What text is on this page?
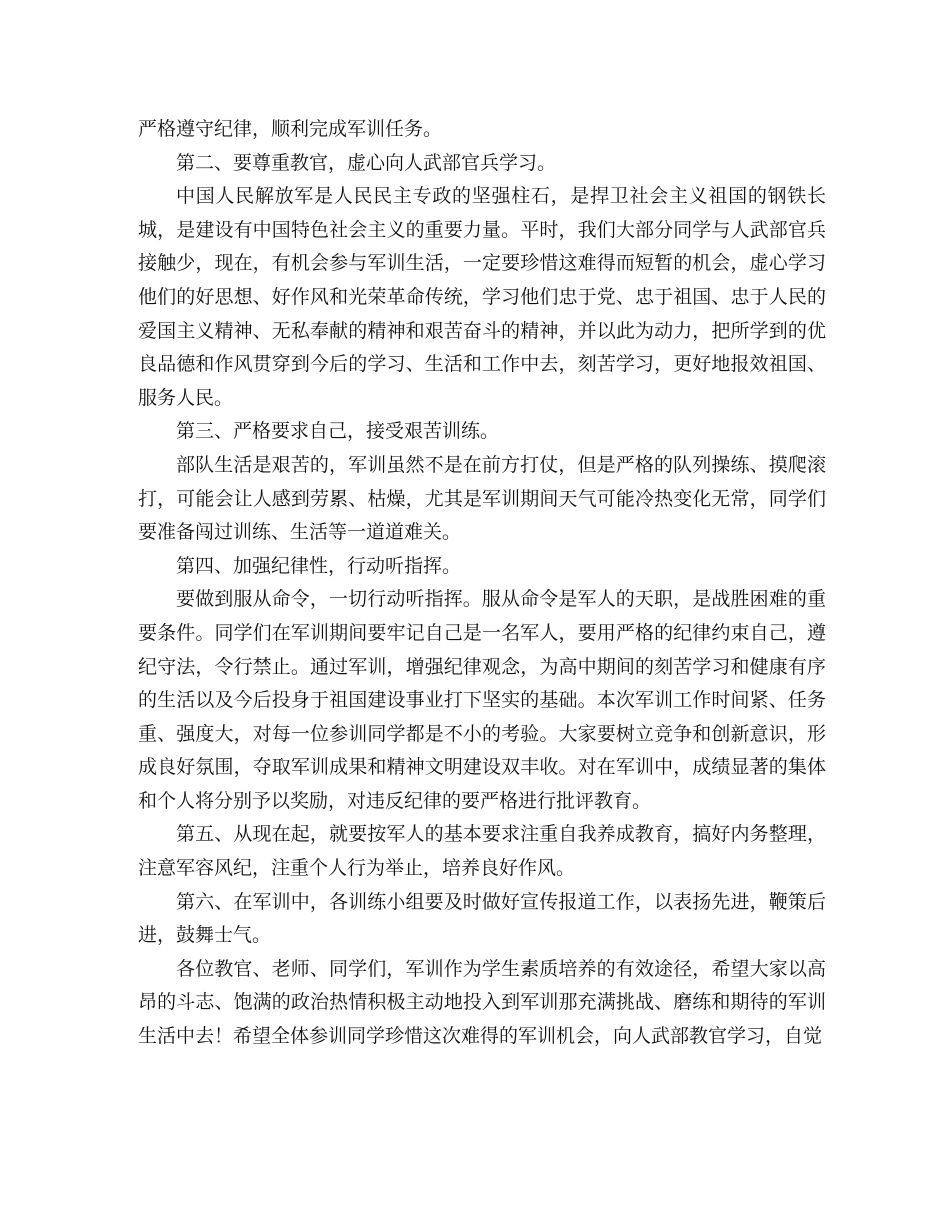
严格遵守纪律，顺利完成军训任务。

第二、要尊重教官，虚心向人武部官兵学习。

中国人民解放军是人民民主专政的坚强柱石，是捍卫社会主义祖国的钢铁长城，是建设有中国特色社会主义的重要力量。平时，我们大部分同学与人武部官兵接触少，现在，有机会参与军训生活，一定要珍惜这难得而短暂的机会，虚心学习他们的好思想、好作风和光荣革命传统，学习他们忠于党、忠于祖国、忠于人民的爱国主义精神、无私奉献的精神和艰苦奋斗的精神，并以此为动力，把所学到的优良品德和作风贯穿到今后的学习、生活和工作中去，刻苦学习，更好地报效祖国、服务人民。

第三、严格要求自己，接受艰苦训练。

部队生活是艰苦的，军训虽然不是在前方打仗，但是严格的队列操练、摸爬滚打，可能会让人感到劳累、枯燥，尤其是军训期间天气可能冷热变化无常，同学们要准备闯过训练、生活等一道道难关。

第四、加强纪律性，行动听指挥。

要做到服从命令，一切行动听指挥。服从命令是军人的天职，是战胜困难的重要条件。同学们在军训期间要牢记自己是一名军人，要用严格的纪律约束自己，遵纪守法，令行禁止。通过军训，增强纪律观念，为高中期间的刻苦学习和健康有序的生活以及今后投身于祖国建设事业打下坚实的基础。本次军训工作时间紧、任务重、强度大，对每一位参训同学都是不小的考验。大家要树立竞争和创新意识，形成良好氛围，夺取军训成果和精神文明建设双丰收。对在军训中，成绩显著的集体和个人将分别予以奖励，对违反纪律的要严格进行批评教育。

第五、从现在起，就要按军人的基本要求注重自我养成教育，搞好内务整理，注意军容风纪，注重个人行为举止，培养良好作风。

第六、在军训中，各训练小组要及时做好宣传报道工作，以表扬先进，鞭策后进，鼓舞士气。

各位教官、老师、同学们，军训作为学生素质培养的有效途径，希望大家以高昂的斗志、饱满的政治热情积极主动地投入到军训那充满挑战、磨练和期待的军训生活中去！希望全体参训同学珍惜这次难得的军训机会，向人武部教官学习，自觉
